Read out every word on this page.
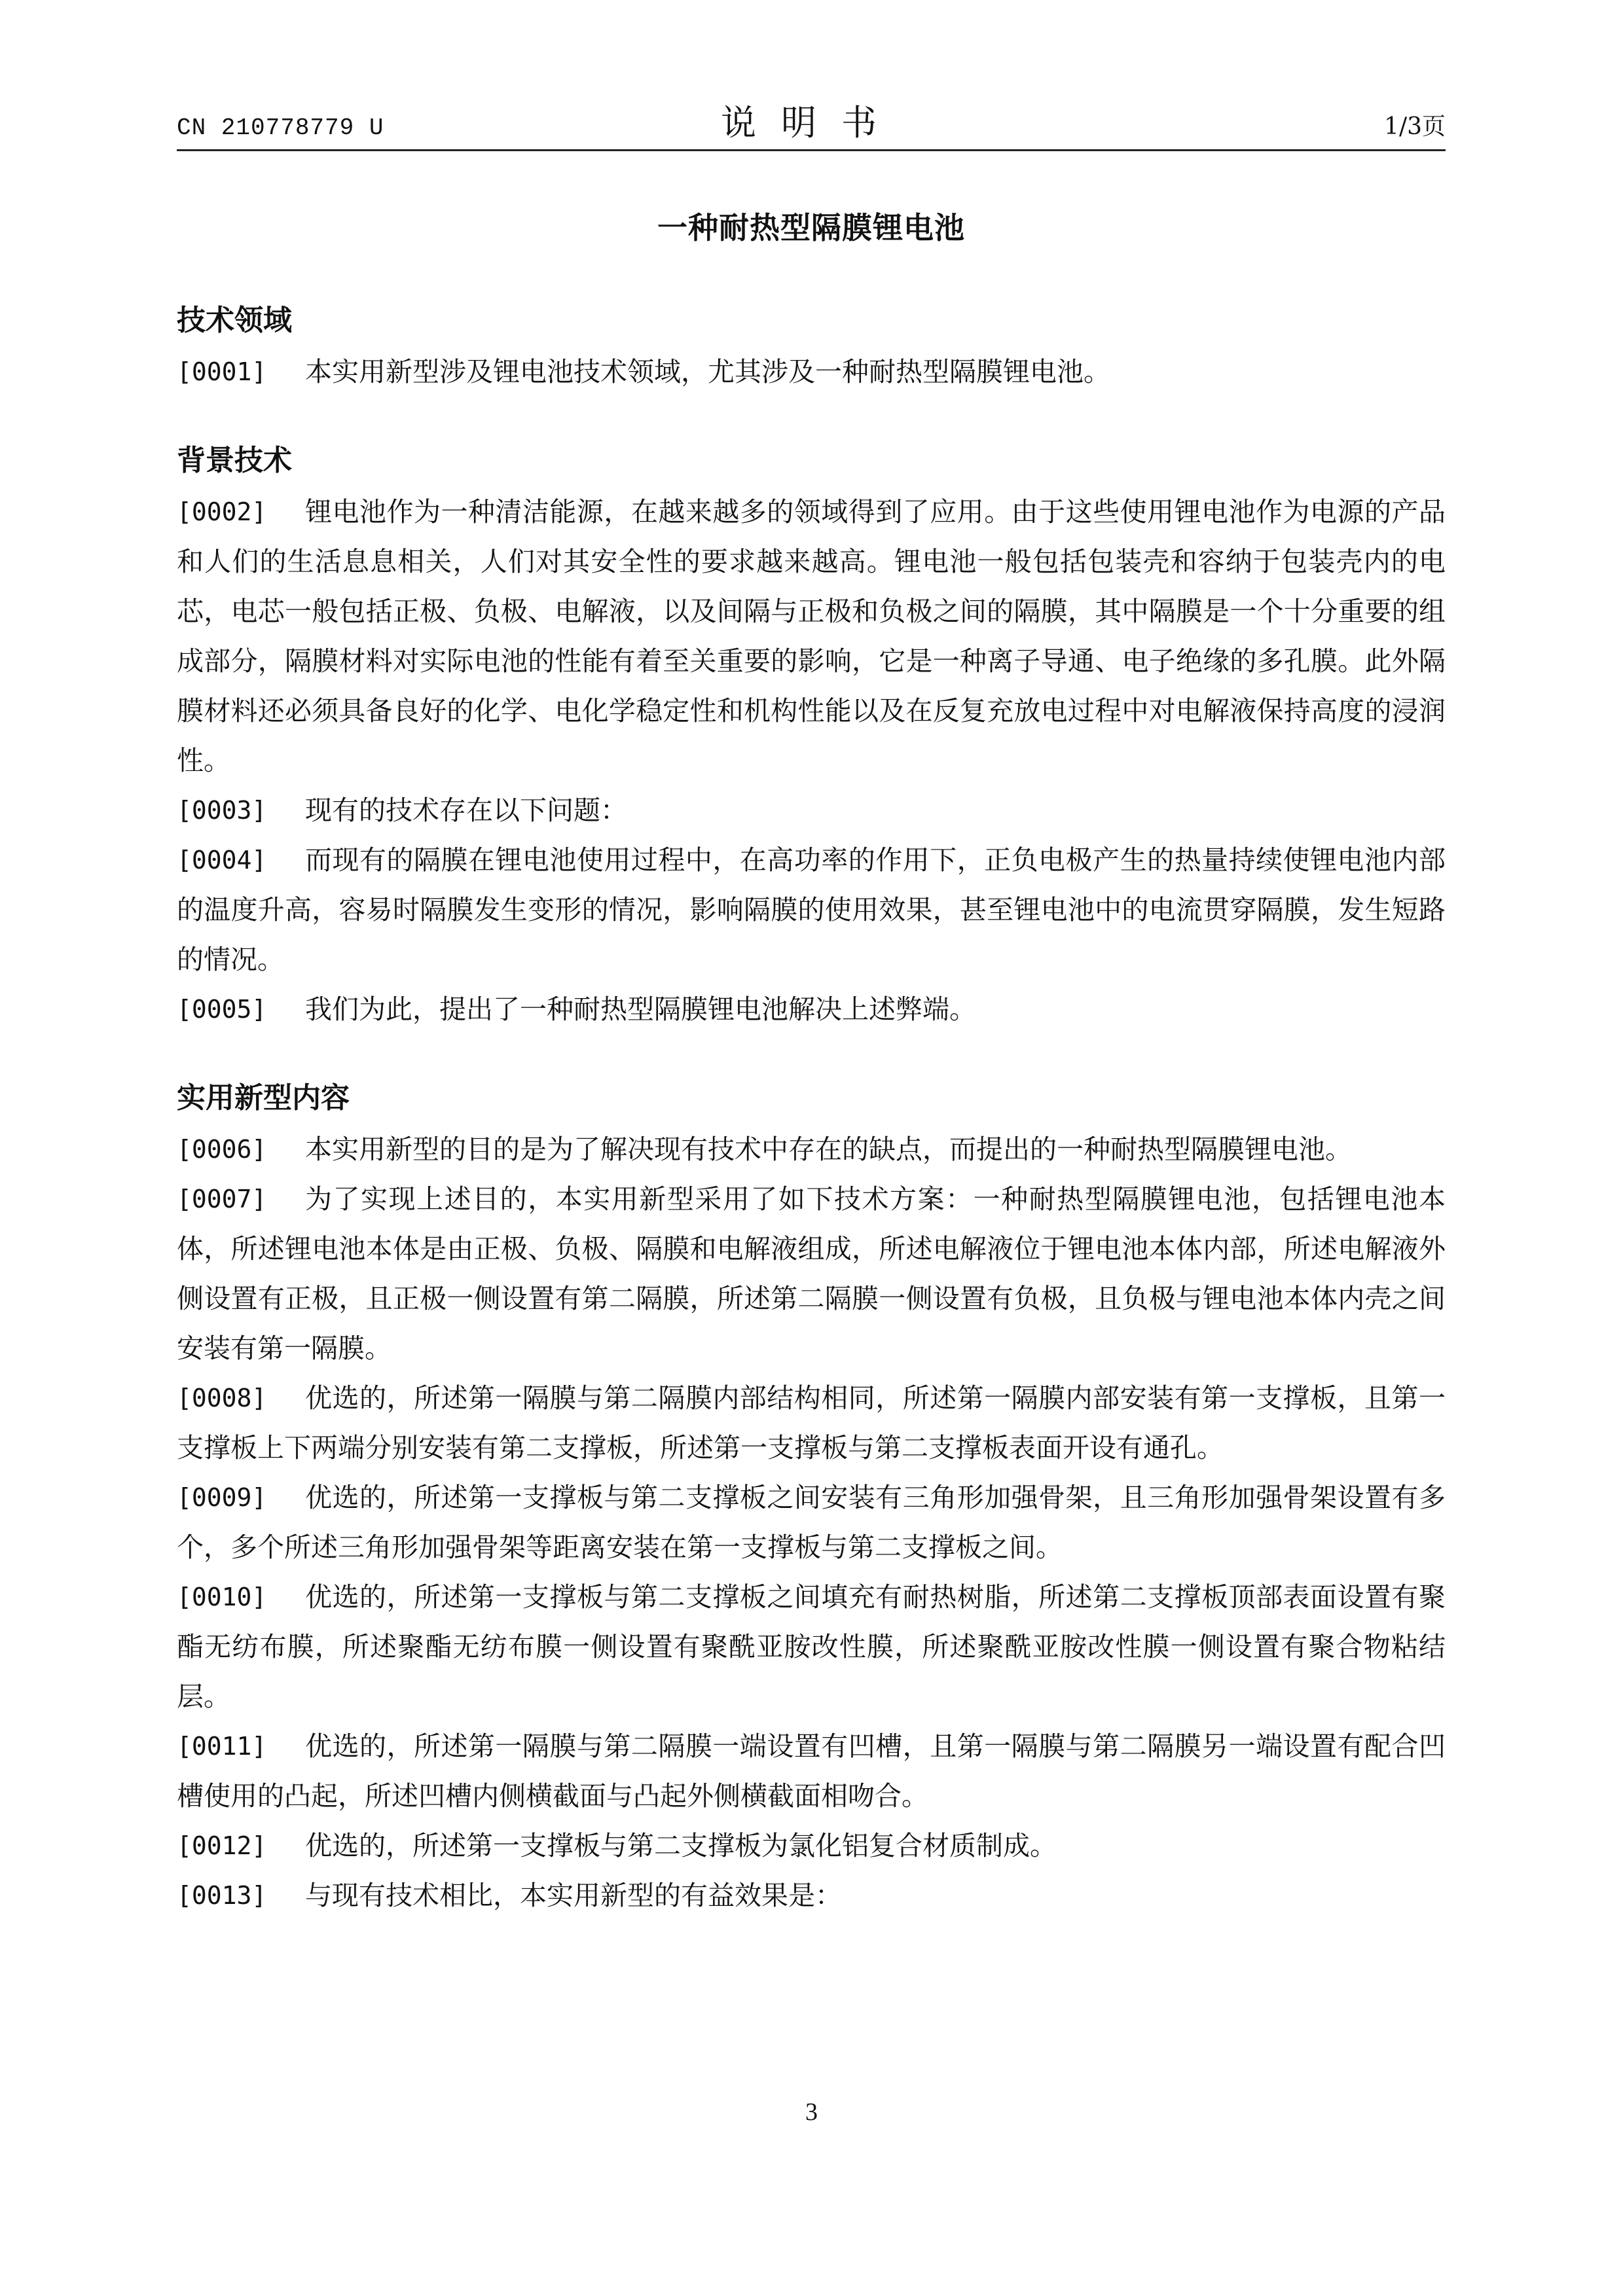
CN 210778779 U	说明书	1/3页
一种耐热型隔膜锂电池
技术领域
[0001] 本实用新型涉及锂电池技术领域，尤其涉及一种耐热型隔膜锂电池。
背景技术
[0002] 锂电池作为一种清洁能源，在越来越多的领域得到了应用。由于这些使用锂电池作为电源的产品和人们的生活息息相关，人们对其安全性的要求越来越高。锂电池一般包括包装壳和容纳于包装壳内的电芯，电芯一般包括正极、负极、电解液，以及间隔与正极和负极之间的隔膜，其中隔膜是一个十分重要的组成部分，隔膜材料对实际电池的性能有着至关重要的影响，它是一种离子导通、电子绝缘的多孔膜。此外隔膜材料还必须具备良好的化学、电化学稳定性和机构性能以及在反复充放电过程中对电解液保持高度的浸润性。
[0003] 现有的技术存在以下问题：
[0004] 而现有的隔膜在锂电池使用过程中，在高功率的作用下，正负电极产生的热量持续使锂电池内部的温度升高，容易时隔膜发生变形的情况，影响隔膜的使用效果，甚至锂电池中的电流贯穿隔膜，发生短路的情况。
[0005] 我们为此，提出了一种耐热型隔膜锂电池解决上述弊端。
实用新型内容
[0006] 本实用新型的目的是为了解决现有技术中存在的缺点，而提出的一种耐热型隔膜锂电池。
[0007] 为了实现上述目的，本实用新型采用了如下技术方案：一种耐热型隔膜锂电池，包括锂电池本体，所述锂电池本体是由正极、负极、隔膜和电解液组成，所述电解液位于锂电池本体内部，所述电解液外侧设置有正极，且正极一侧设置有第二隔膜，所述第二隔膜一侧设置有负极，且负极与锂电池本体内壳之间安装有第一隔膜。
[0008] 优选的，所述第一隔膜与第二隔膜内部结构相同，所述第一隔膜内部安装有第一支撑板，且第一支撑板上下两端分别安装有第二支撑板，所述第一支撑板与第二支撑板表面开设有通孔。
[0009] 优选的，所述第一支撑板与第二支撑板之间安装有三角形加强骨架，且三角形加强骨架设置有多个，多个所述三角形加强骨架等距离安装在第一支撑板与第二支撑板之间。
[0010] 优选的，所述第一支撑板与第二支撑板之间填充有耐热树脂，所述第二支撑板顶部表面设置有聚酯无纺布膜，所述聚酯无纺布膜一侧设置有聚酰亚胺改性膜，所述聚酰亚胺改性膜一侧设置有聚合物粘结层。
[0011] 优选的，所述第一隔膜与第二隔膜一端设置有凹槽，且第一隔膜与第二隔膜另一端设置有配合凹槽使用的凸起，所述凹槽内侧横截面与凸起外侧横截面相吻合。
[0012] 优选的，所述第一支撑板与第二支撑板为氯化铝复合材质制成。
[0013] 与现有技术相比，本实用新型的有益效果是：
3
